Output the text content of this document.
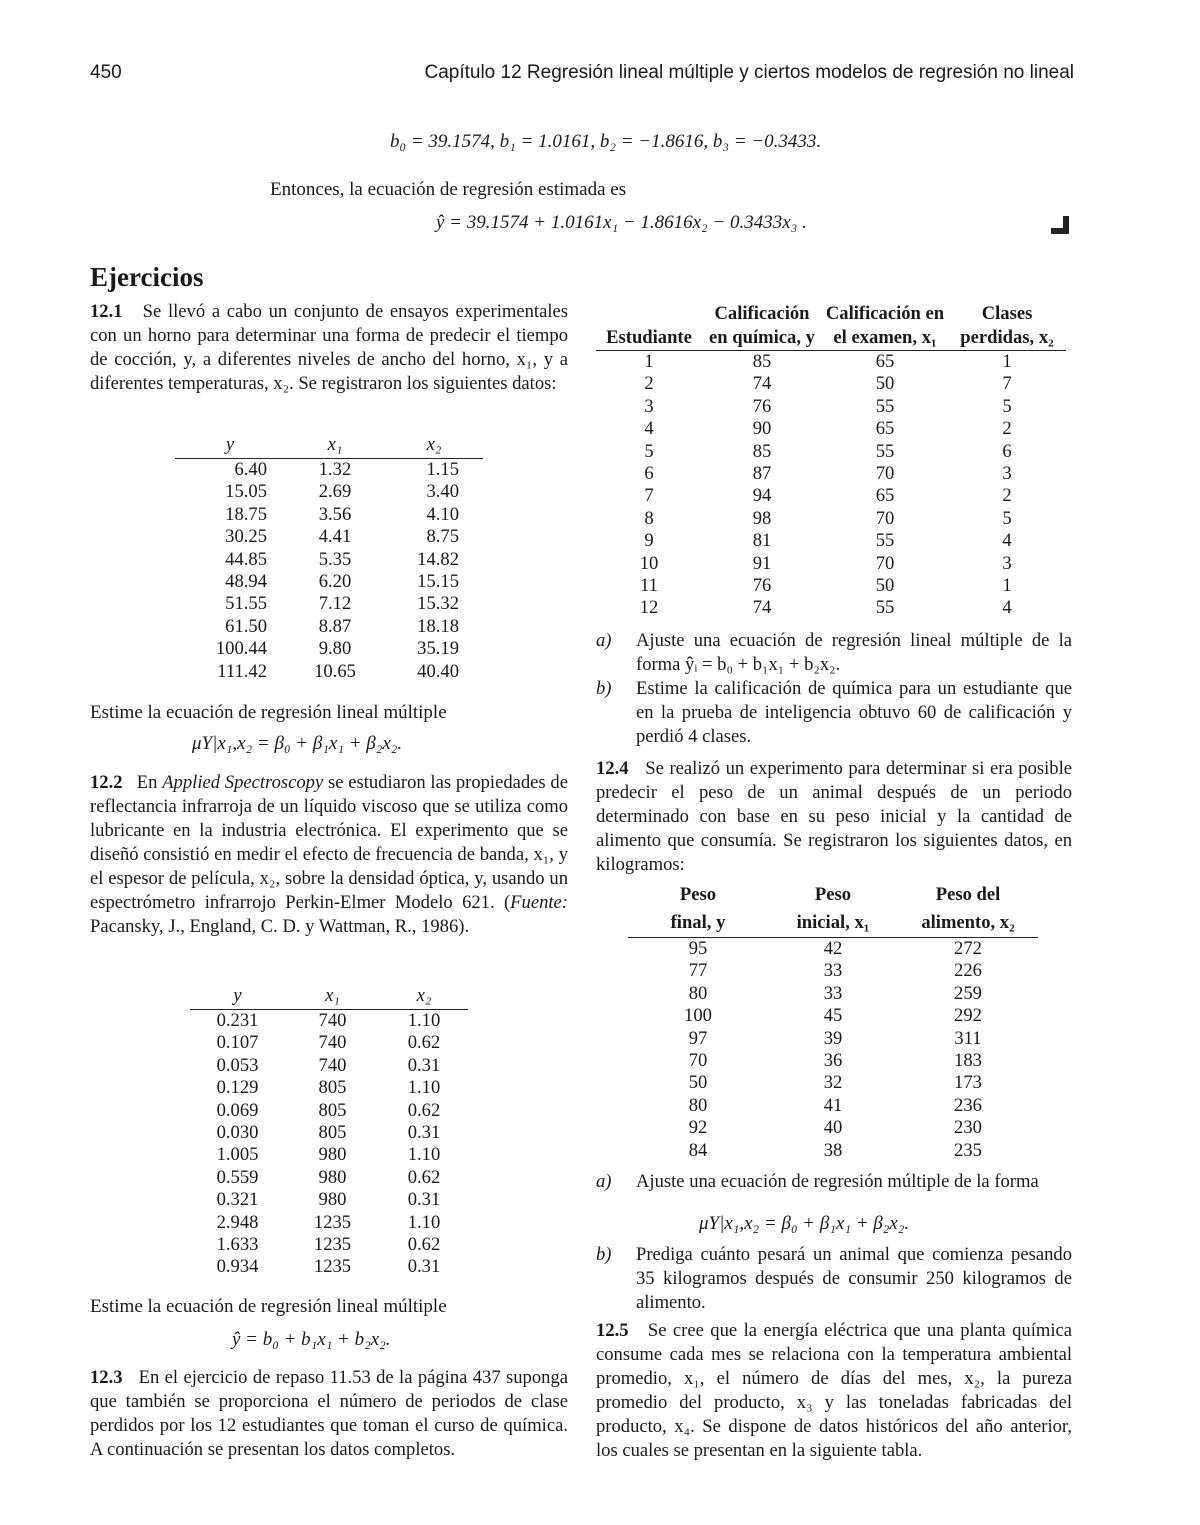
450	Capítulo 12 Regresión lineal múltiple y ciertos modelos de regresión no lineal
b₀ = 39.1574, b₁ = 1.0161, b₂ = −1.8616, b₃ = −0.3433.
Entonces, la ecuación de regresión estimada es
ŷ = 39.1574 + 1.0161x₁ − 1.8616x₂ − 0.3433x₃ .
Ejercicios
12.1 Se llevó a cabo un conjunto de ensayos experimentales con un horno para determinar una forma de predecir el tiempo de cocción, y, a diferentes niveles de ancho del horno, x₁, y a diferentes temperaturas, x₂. Se registraron los siguientes datos:
y	x₁	x₂
6.40	1.32	1.15
15.05	2.69	3.40
18.75	3.56	4.10
30.25	4.41	8.75
44.85	5.35	14.82
48.94	6.20	15.15
51.55	7.12	15.32
61.50	8.87	18.18
100.44	9.80	35.19
111.42	10.65	40.40
Estime la ecuación de regresión lineal múltiple
μY|x₁,x₂ = β₀ + β₁x₁ + β₂x₂.
12.2 En Applied Spectroscopy se estudiaron las propiedades de reflectancia infrarroja de un líquido viscoso que se utiliza como lubricante en la industria electrónica. El experimento que se diseñó consistió en medir el efecto de frecuencia de banda, x₁, y el espesor de película, x₂, sobre la densidad óptica, y, usando un espectrómetro infrarrojo Perkin-Elmer Modelo 621. (Fuente: Pacansky, J., England, C. D. y Wattman, R., 1986).
y	x₁	x₂
0.231	740	1.10
0.107	740	0.62
0.053	740	0.31
0.129	805	1.10
0.069	805	0.62
0.030	805	0.31
1.005	980	1.10
0.559	980	0.62
0.321	980	0.31
2.948	1235	1.10
1.633	1235	0.62
0.934	1235	0.31
Estime la ecuación de regresión lineal múltiple
ŷ = b₀ + b₁x₁ + b₂x₂.
12.3 En el ejercicio de repaso 11.53 de la página 437 suponga que también se proporciona el número de periodos de clase perdidos por los 12 estudiantes que toman el curso de química. A continuación se presentan los datos completos.
	Calificación	Calificación en	Clases
Estudiante	en química, y	el examen, x₁	perdidas, x₂
1	85	65	1
2	74	50	7
3	76	55	5
4	90	65	2
5	85	55	6
6	87	70	3
7	94	65	2
8	98	70	5
9	81	55	4
10	91	70	3
11	76	50	1
12	74	55	4
a) Ajuste una ecuación de regresión lineal múltiple de la forma ŷᵢ = b₀ + b₁x₁ + b₂x₂.
b) Estime la calificación de química para un estudiante que en la prueba de inteligencia obtuvo 60 de calificación y perdió 4 clases.
12.4 Se realizó un experimento para determinar si era posible predecir el peso de un animal después de un periodo determinado con base en su peso inicial y la cantidad de alimento que consumía. Se registraron los siguientes datos, en kilogramos:
Peso	Peso	Peso del
final, y	inicial, x₁	alimento, x₂
95	42	272
77	33	226
80	33	259
100	45	292
97	39	311
70	36	183
50	32	173
80	41	236
92	40	230
84	38	235
a) Ajuste una ecuación de regresión múltiple de la forma
μY|x₁,x₂ = β₀ + β₁x₁ + β₂x₂.
b) Prediga cuánto pesará un animal que comienza pesando 35 kilogramos después de consumir 250 kilogramos de alimento.
12.5 Se cree que la energía eléctrica que una planta química consume cada mes se relaciona con la temperatura ambiental promedio, x₁, el número de días del mes, x₂, la pureza promedio del producto, x₃ y las toneladas fabricadas del producto, x₄. Se dispone de datos históricos del año anterior, los cuales se presentan en la siguiente tabla.
